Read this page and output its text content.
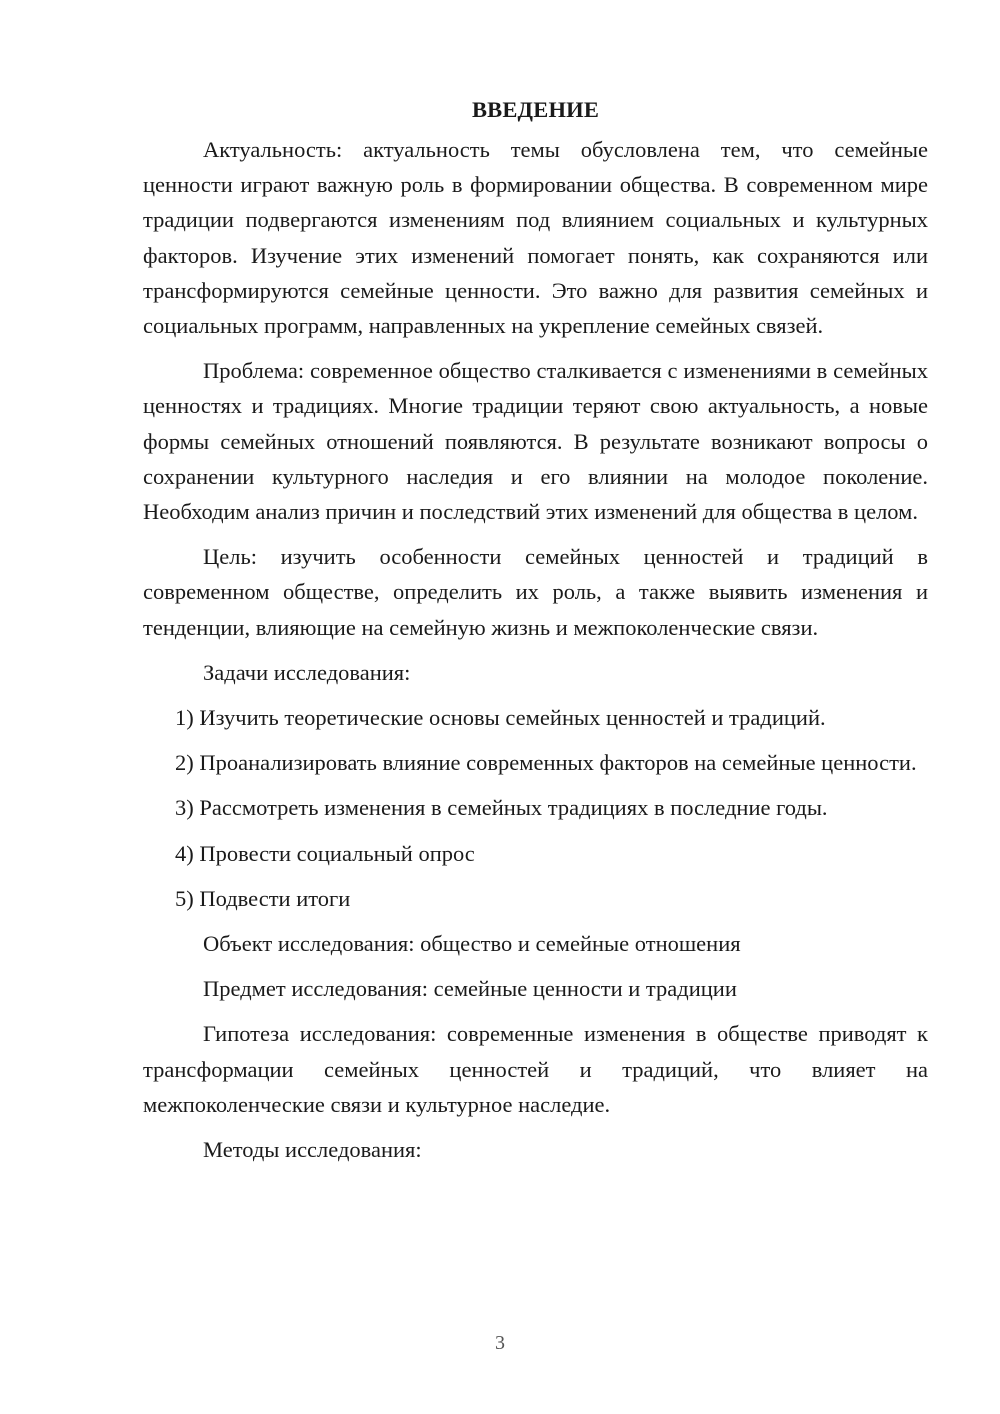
ВВЕДЕНИЕ

Актуальность: актуальность темы обусловлена тем, что семейные ценности играют важную роль в формировании общества. В современном мире традиции подвергаются изменениям под влиянием социальных и культурных факторов. Изучение этих изменений помогает понять, как сохраняются или трансформируются семейные ценности. Это важно для развития семейных и социальных программ, направленных на укрепление семейных связей.

Проблема: современное общество сталкивается с изменениями в семейных ценностях и традициях. Многие традиции теряют свою актуальность, а новые формы семейных отношений появляются. В результате возникают вопросы о сохранении культурного наследия и его влиянии на молодое поколение. Необходим анализ причин и последствий этих изменений для общества в целом.

Цель: изучить особенности семейных ценностей и традиций в современном обществе, определить их роль, а также выявить изменения и тенденции, влияющие на семейную жизнь и межпоколенческие связи.

Задачи исследования:

1) Изучить теоретические основы семейных ценностей и традиций.

2) Проанализировать влияние современных факторов на семейные ценности.

3) Рассмотреть изменения в семейных традициях в последние годы.

4) Провести социальный опрос

5) Подвести итоги

Объект исследования: общество и семейные отношения

Предмет исследования: семейные ценности и традиции

Гипотеза исследования: современные изменения в обществе приводят к трансформации семейных ценностей и традиций, что влияет на межпоколенческие связи и культурное наследие.

Методы исследования:

3
